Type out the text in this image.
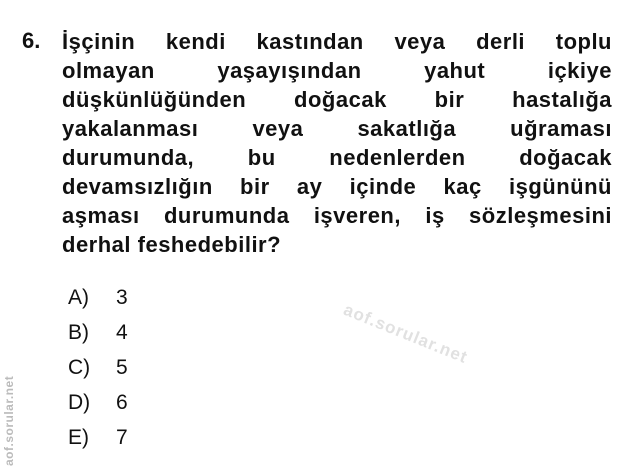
6. İşçinin kendi kastından veya derli toplu
olmayan yaşayışından yahut içkiye
düşkünlüğünden doğacak bir hastalığa
yakalanması veya sakatlığa uğraması
durumunda, bu nedenlerden doğacak
devamsızlığın bir ay içinde kaç işgününü
aşması durumunda işveren, iş sözleşmesini
derhal feshedebilir?
A)	3
B)	4
C)	5
D)	6
E)	7
aof.sorular.net
aof.sorular.net
